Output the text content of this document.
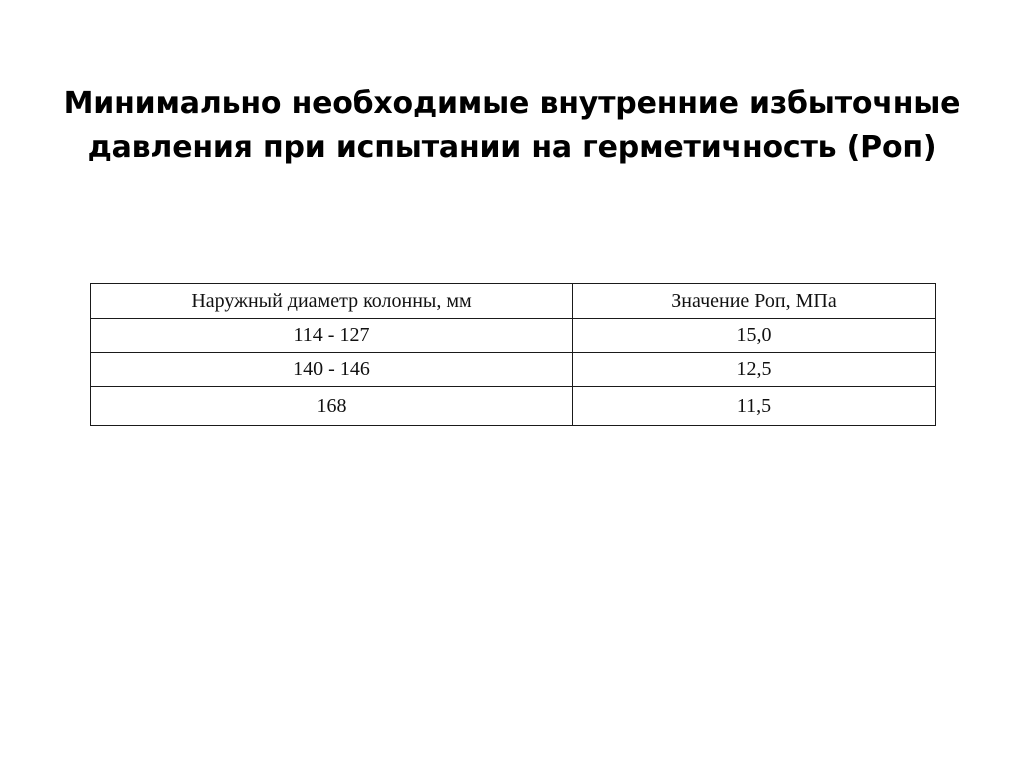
Минимально необходимые внутренние избыточные
давления при испытании на герметичность (Роп)
Наружный диаметр колонны, мм	Значение Роп, МПа
114 - 127	15,0
140 - 146	12,5
168	11,5
